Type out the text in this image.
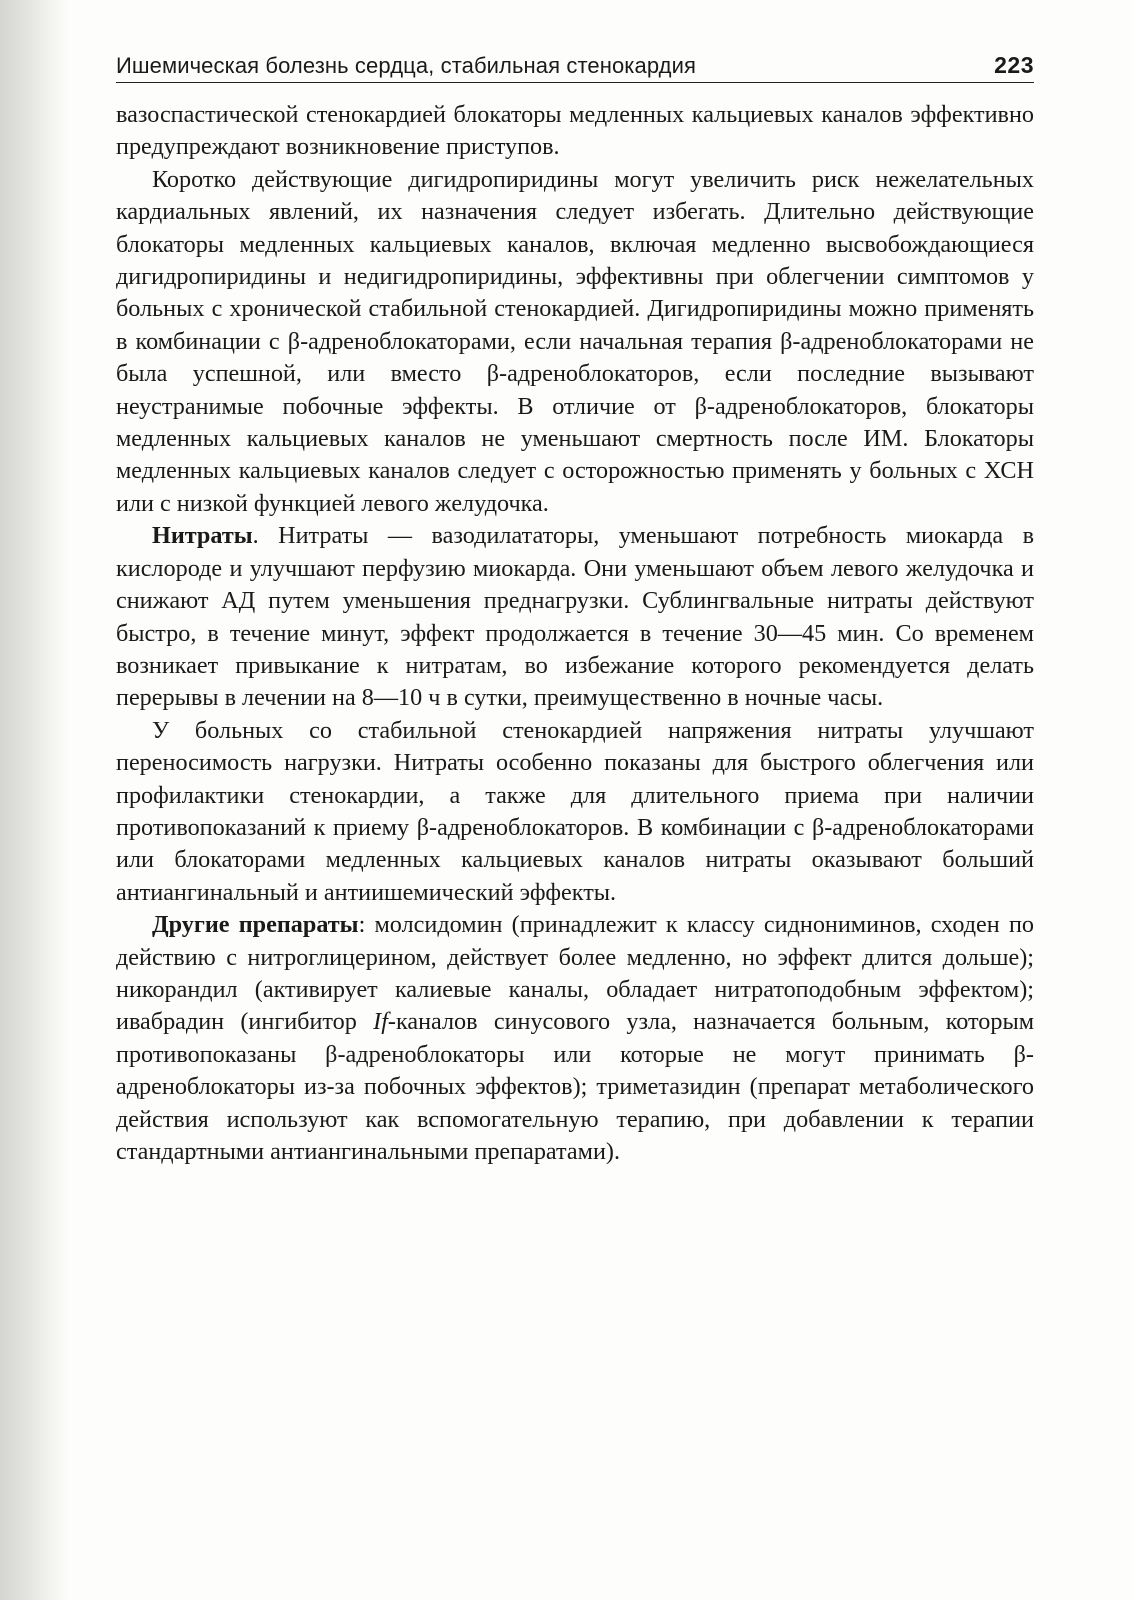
Ишемическая болезнь сердца, стабильная стенокардия	223

вазоспастической стенокардией блокаторы медленных кальциевых каналов эффективно предупреждают возникновение приступов.

Коротко действующие дигидропиридины могут увеличить риск нежелательных кардиальных явлений, их назначения следует избегать. Длительно действующие блокаторы медленных кальциевых каналов, включая медленно высвобождающиеся дигидропиридины и недигидропиридины, эффективны при облегчении симптомов у больных с хронической стабильной стенокардией. Дигидропиридины можно применять в комбинации с β-адреноблокаторами, если начальная терапия β-адреноблокаторами не была успешной, или вместо β-адреноблокаторов, если последние вызывают неустранимые побочные эффекты. В отличие от β-адреноблокаторов, блокаторы медленных кальциевых каналов не уменьшают смертность после ИМ. Блокаторы медленных кальциевых каналов следует с осторожностью применять у больных с ХСН или с низкой функцией левого желудочка.

Нитраты. Нитраты — вазодилататоры, уменьшают потребность миокарда в кислороде и улучшают перфузию миокарда. Они уменьшают объем левого желудочка и снижают АД путем уменьшения преднагрузки. Сублингвальные нитраты действуют быстро, в течение минут, эффект продолжается в течение 30—45 мин. Со временем возникает привыкание к нитратам, во избежание которого рекомендуется делать перерывы в лечении на 8—10 ч в сутки, преимущественно в ночные часы.

У больных со стабильной стенокардией напряжения нитраты улучшают переносимость нагрузки. Нитраты особенно показаны для быстрого облегчения или профилактики стенокардии, а также для длительного приема при наличии противопоказаний к приему β-адреноблокаторов. В комбинации с β-адреноблокаторами или блокаторами медленных кальциевых каналов нитраты оказывают больший антиангинальный и антиишемический эффекты.

Другие препараты: молсидомин (принадлежит к классу сиднониминов, сходен по действию с нитроглицерином, действует более медленно, но эффект длится дольше); никорандил (активирует калиевые каналы, обладает нитратоподобным эффектом); ивабрадин (ингибитор If-каналов синусового узла, назначается больным, которым противопоказаны β-адреноблокаторы или которые не могут принимать β-адреноблокаторы из-за побочных эффектов); триметазидин (препарат метаболического действия используют как вспомогательную терапию, при добавлении к терапии стандартными антиангинальными препаратами).
